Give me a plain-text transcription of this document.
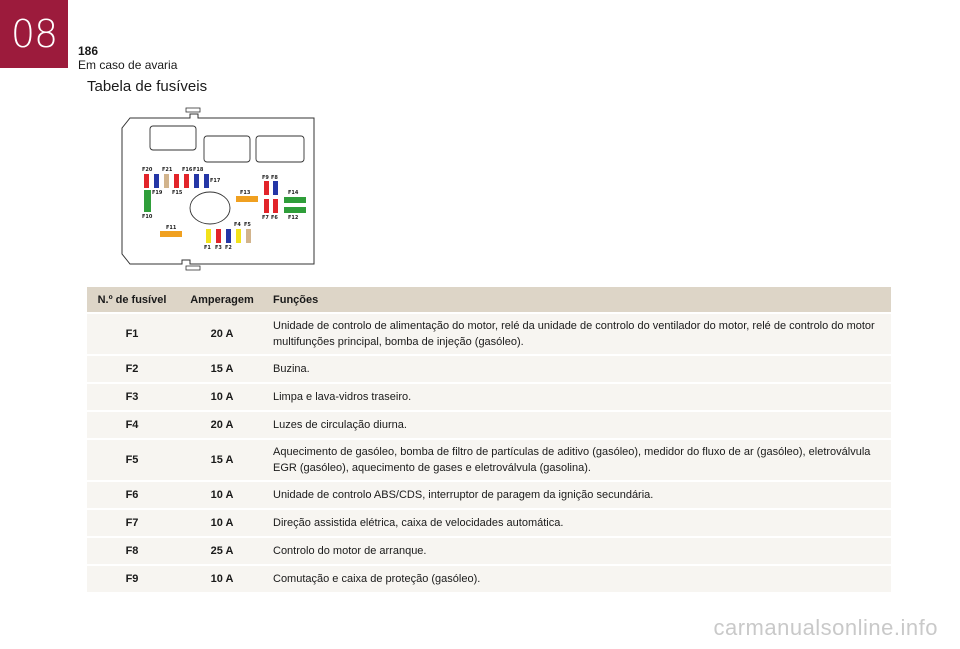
08	186
Em caso de avaria
Tabela de fusíveis
F20 F21 F16 F18
F19 F15
F17
F10
F13
F9 F8
F14
F7 F6 F12
F11	F4 F5
F1 F3 F2
N.º de fusível	Amperagem	Funções
F1	20 A	Unidade de controlo de alimentação do motor, relé da unidade de controlo do ventilador do motor, relé de controlo do motor multifunções principal, bomba de injeção (gasóleo).
F2	15 A	Buzina.
F3	10 A	Limpa e lava-vidros traseiro.
F4	20 A	Luzes de circulação diurna.
F5	15 A	Aquecimento de gasóleo, bomba de filtro de partículas de aditivo (gasóleo), medidor do fluxo de ar (gasóleo), eletroválvula EGR (gasóleo), aquecimento de gases e eletroválvula (gasolina).
F6	10 A	Unidade de controlo ABS/CDS, interruptor de paragem da ignição secundária.
F7	10 A	Direção assistida elétrica, caixa de velocidades automática.
F8	25 A	Controlo do motor de arranque.
F9	10 A	Comutação e caixa de proteção (gasóleo).
carmanualsonline.info
